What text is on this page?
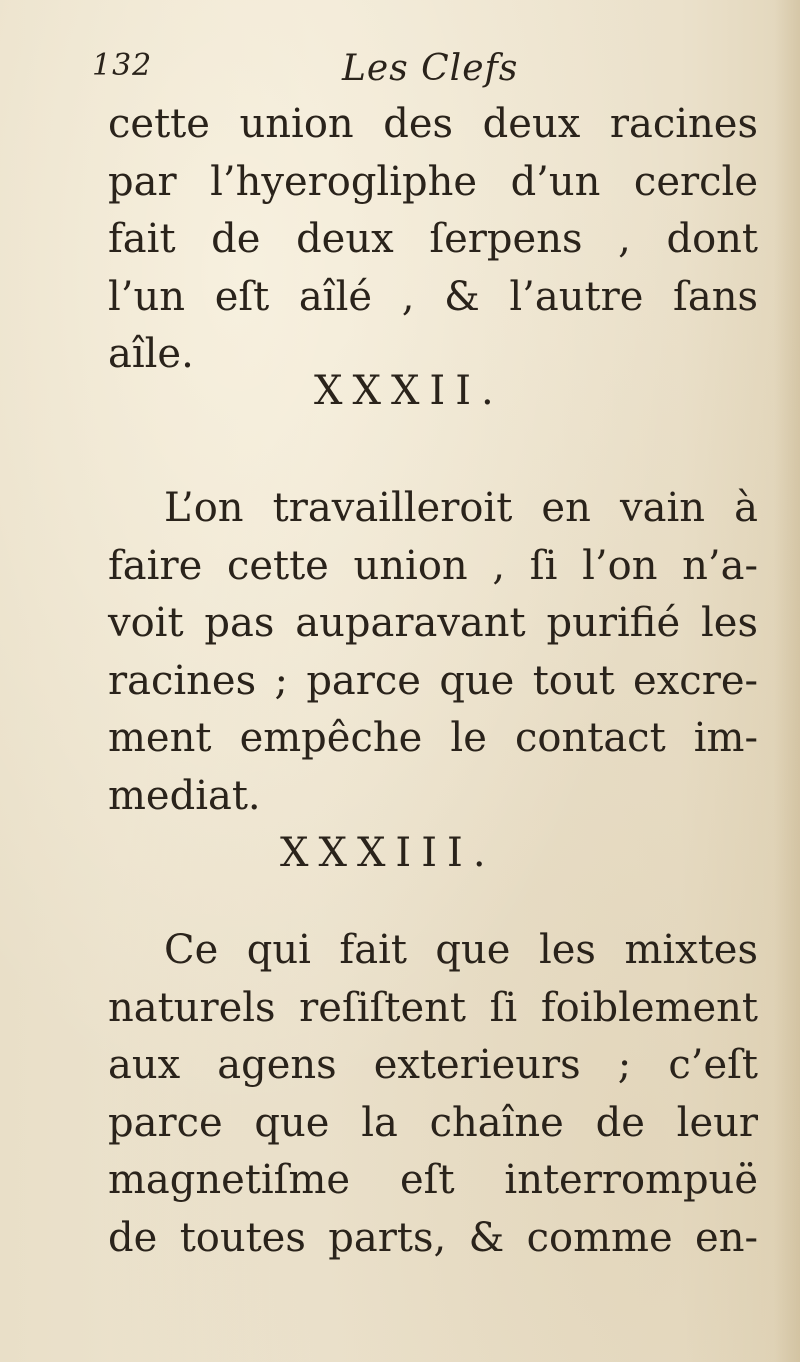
132	Les Clefs
cette union des deux racines
par l’hyerogliphe d’un cercle
fait de deux ſerpens , dont
l’un eſt aîlé , & l’autre ſans
aîle.
XXXII.
L’on travailleroit en vain à
faire cette union , ſi l’on n’a-
voit pas auparavant purifié les
racines ; parce que tout excre-
ment empêche le contact im-
mediat.
XXXIII.
Ce qui fait que les mixtes
naturels reſiſtent ſi foiblement
aux agens exterieurs ; c’eſt
parce que la chaîne de leur
magnetiſme eſt interrompuë
de toutes parts, & comme en-
